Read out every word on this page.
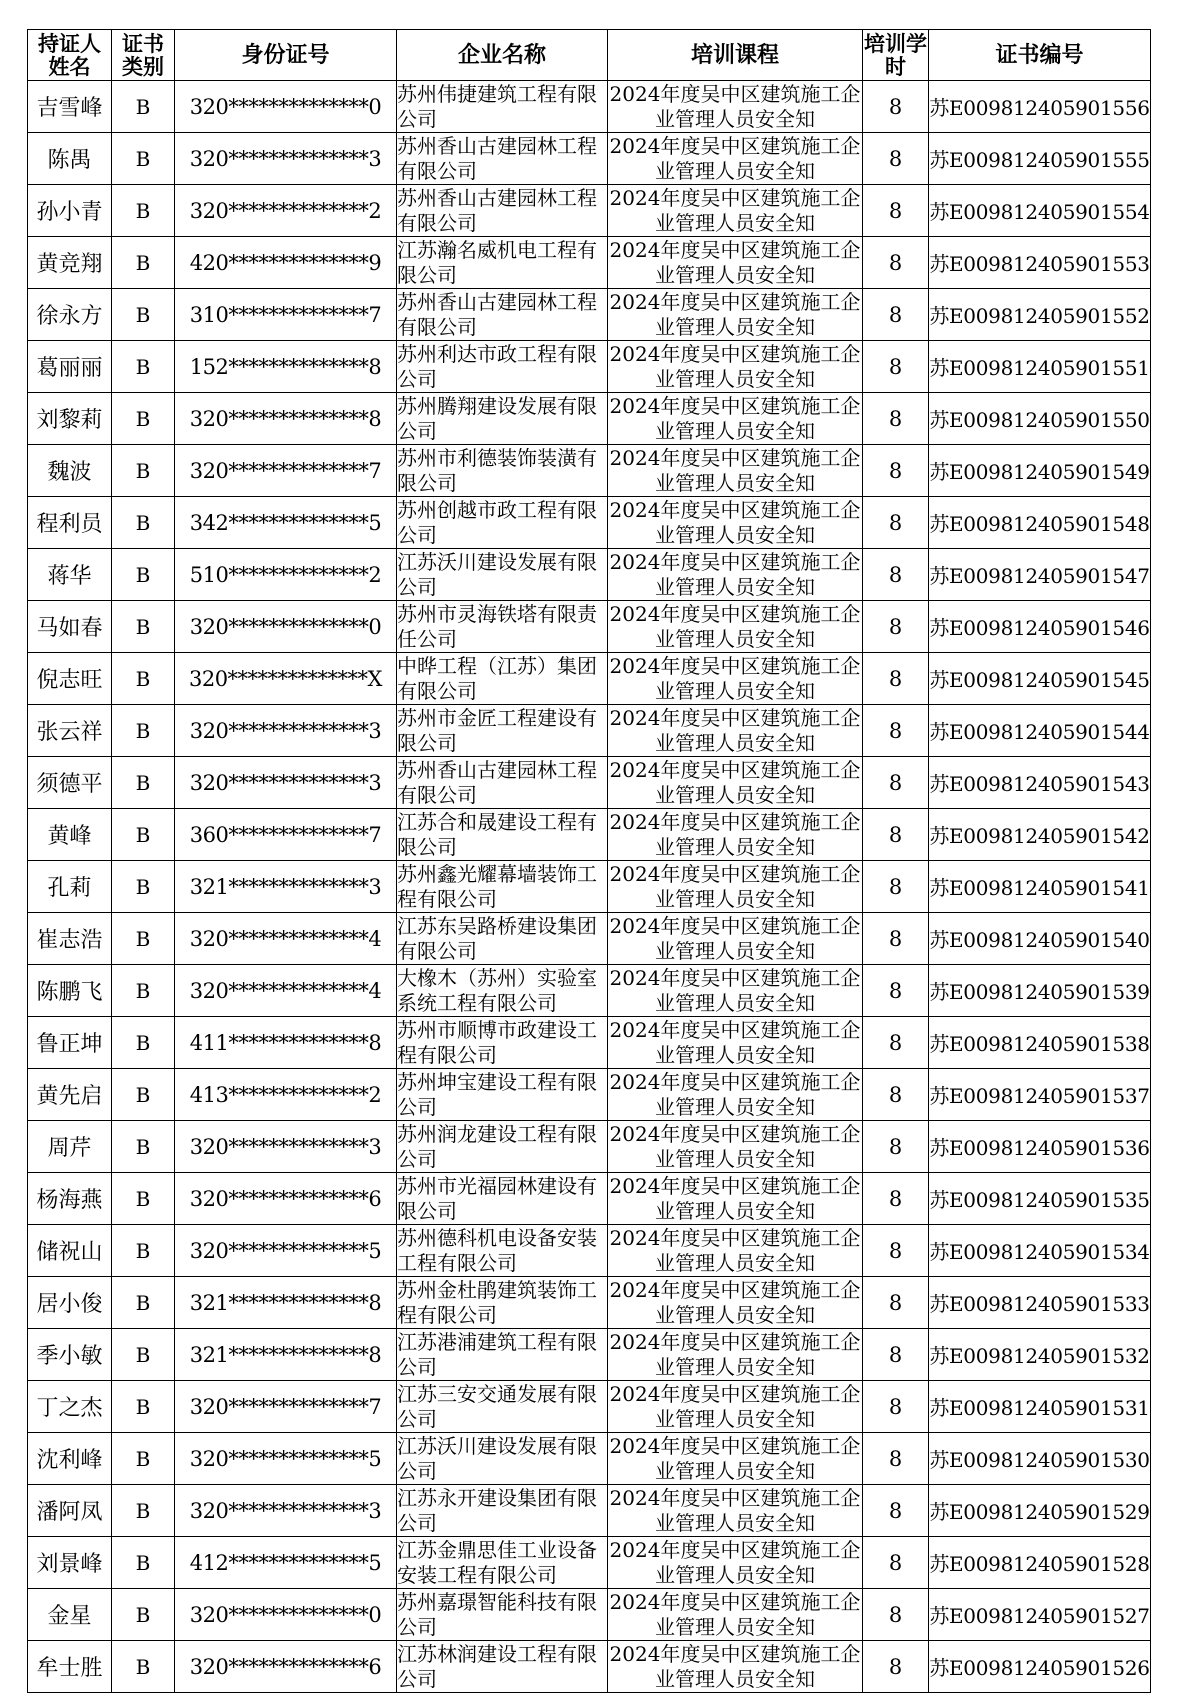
持证人姓名	证书类别	身份证号	企业名称	培训课程	培训学时	证书编号
吉雪峰	B	320**************0	苏州伟捷建筑工程有限公司	2024年度吴中区建筑施工企业管理人员安全知	8	苏E009812405901556
陈禺	B	320**************3	苏州香山古建园林工程有限公司	2024年度吴中区建筑施工企业管理人员安全知	8	苏E009812405901555
孙小青	B	320**************2	苏州香山古建园林工程有限公司	2024年度吴中区建筑施工企业管理人员安全知	8	苏E009812405901554
黄竞翔	B	420**************9	江苏瀚名威机电工程有限公司	2024年度吴中区建筑施工企业管理人员安全知	8	苏E009812405901553
徐永方	B	310**************7	苏州香山古建园林工程有限公司	2024年度吴中区建筑施工企业管理人员安全知	8	苏E009812405901552
葛丽丽	B	152**************8	苏州利达市政工程有限公司	2024年度吴中区建筑施工企业管理人员安全知	8	苏E009812405901551
刘黎莉	B	320**************8	苏州腾翔建设发展有限公司	2024年度吴中区建筑施工企业管理人员安全知	8	苏E009812405901550
魏波	B	320**************7	苏州市利德装饰装潢有限公司	2024年度吴中区建筑施工企业管理人员安全知	8	苏E009812405901549
程利员	B	342**************5	苏州创越市政工程有限公司	2024年度吴中区建筑施工企业管理人员安全知	8	苏E009812405901548
蒋华	B	510**************2	江苏沃川建设发展有限公司	2024年度吴中区建筑施工企业管理人员安全知	8	苏E009812405901547
马如春	B	320**************0	苏州市灵海铁塔有限责任公司	2024年度吴中区建筑施工企业管理人员安全知	8	苏E009812405901546
倪志旺	B	320**************X	中晔工程（江苏）集团有限公司	2024年度吴中区建筑施工企业管理人员安全知	8	苏E009812405901545
张云祥	B	320**************3	苏州市金匠工程建设有限公司	2024年度吴中区建筑施工企业管理人员安全知	8	苏E009812405901544
须德平	B	320**************3	苏州香山古建园林工程有限公司	2024年度吴中区建筑施工企业管理人员安全知	8	苏E009812405901543
黄峰	B	360**************7	江苏合和晟建设工程有限公司	2024年度吴中区建筑施工企业管理人员安全知	8	苏E009812405901542
孔莉	B	321**************3	苏州鑫光耀幕墙装饰工程有限公司	2024年度吴中区建筑施工企业管理人员安全知	8	苏E009812405901541
崔志浩	B	320**************4	江苏东吴路桥建设集团有限公司	2024年度吴中区建筑施工企业管理人员安全知	8	苏E009812405901540
陈鹏飞	B	320**************4	大橡木（苏州）实验室系统工程有限公司	2024年度吴中区建筑施工企业管理人员安全知	8	苏E009812405901539
鲁正坤	B	411**************8	苏州市顺博市政建设工程有限公司	2024年度吴中区建筑施工企业管理人员安全知	8	苏E009812405901538
黄先启	B	413**************2	苏州坤宝建设工程有限公司	2024年度吴中区建筑施工企业管理人员安全知	8	苏E009812405901537
周芹	B	320**************3	苏州润龙建设工程有限公司	2024年度吴中区建筑施工企业管理人员安全知	8	苏E009812405901536
杨海燕	B	320**************6	苏州市光福园林建设有限公司	2024年度吴中区建筑施工企业管理人员安全知	8	苏E009812405901535
储祝山	B	320**************5	苏州德科机电设备安装工程有限公司	2024年度吴中区建筑施工企业管理人员安全知	8	苏E009812405901534
居小俊	B	321**************8	苏州金杜鹃建筑装饰工程有限公司	2024年度吴中区建筑施工企业管理人员安全知	8	苏E009812405901533
季小敏	B	321**************8	江苏港浦建筑工程有限公司	2024年度吴中区建筑施工企业管理人员安全知	8	苏E009812405901532
丁之杰	B	320**************7	江苏三安交通发展有限公司	2024年度吴中区建筑施工企业管理人员安全知	8	苏E009812405901531
沈利峰	B	320**************5	江苏沃川建设发展有限公司	2024年度吴中区建筑施工企业管理人员安全知	8	苏E009812405901530
潘阿凤	B	320**************3	江苏永开建设集团有限公司	2024年度吴中区建筑施工企业管理人员安全知	8	苏E009812405901529
刘景峰	B	412**************5	江苏金鼎思佳工业设备安装工程有限公司	2024年度吴中区建筑施工企业管理人员安全知	8	苏E009812405901528
金星	B	320**************0	苏州嘉璟智能科技有限公司	2024年度吴中区建筑施工企业管理人员安全知	8	苏E009812405901527
牟士胜	B	320**************6	江苏林润建设工程有限公司	2024年度吴中区建筑施工企业管理人员安全知	8	苏E009812405901526
